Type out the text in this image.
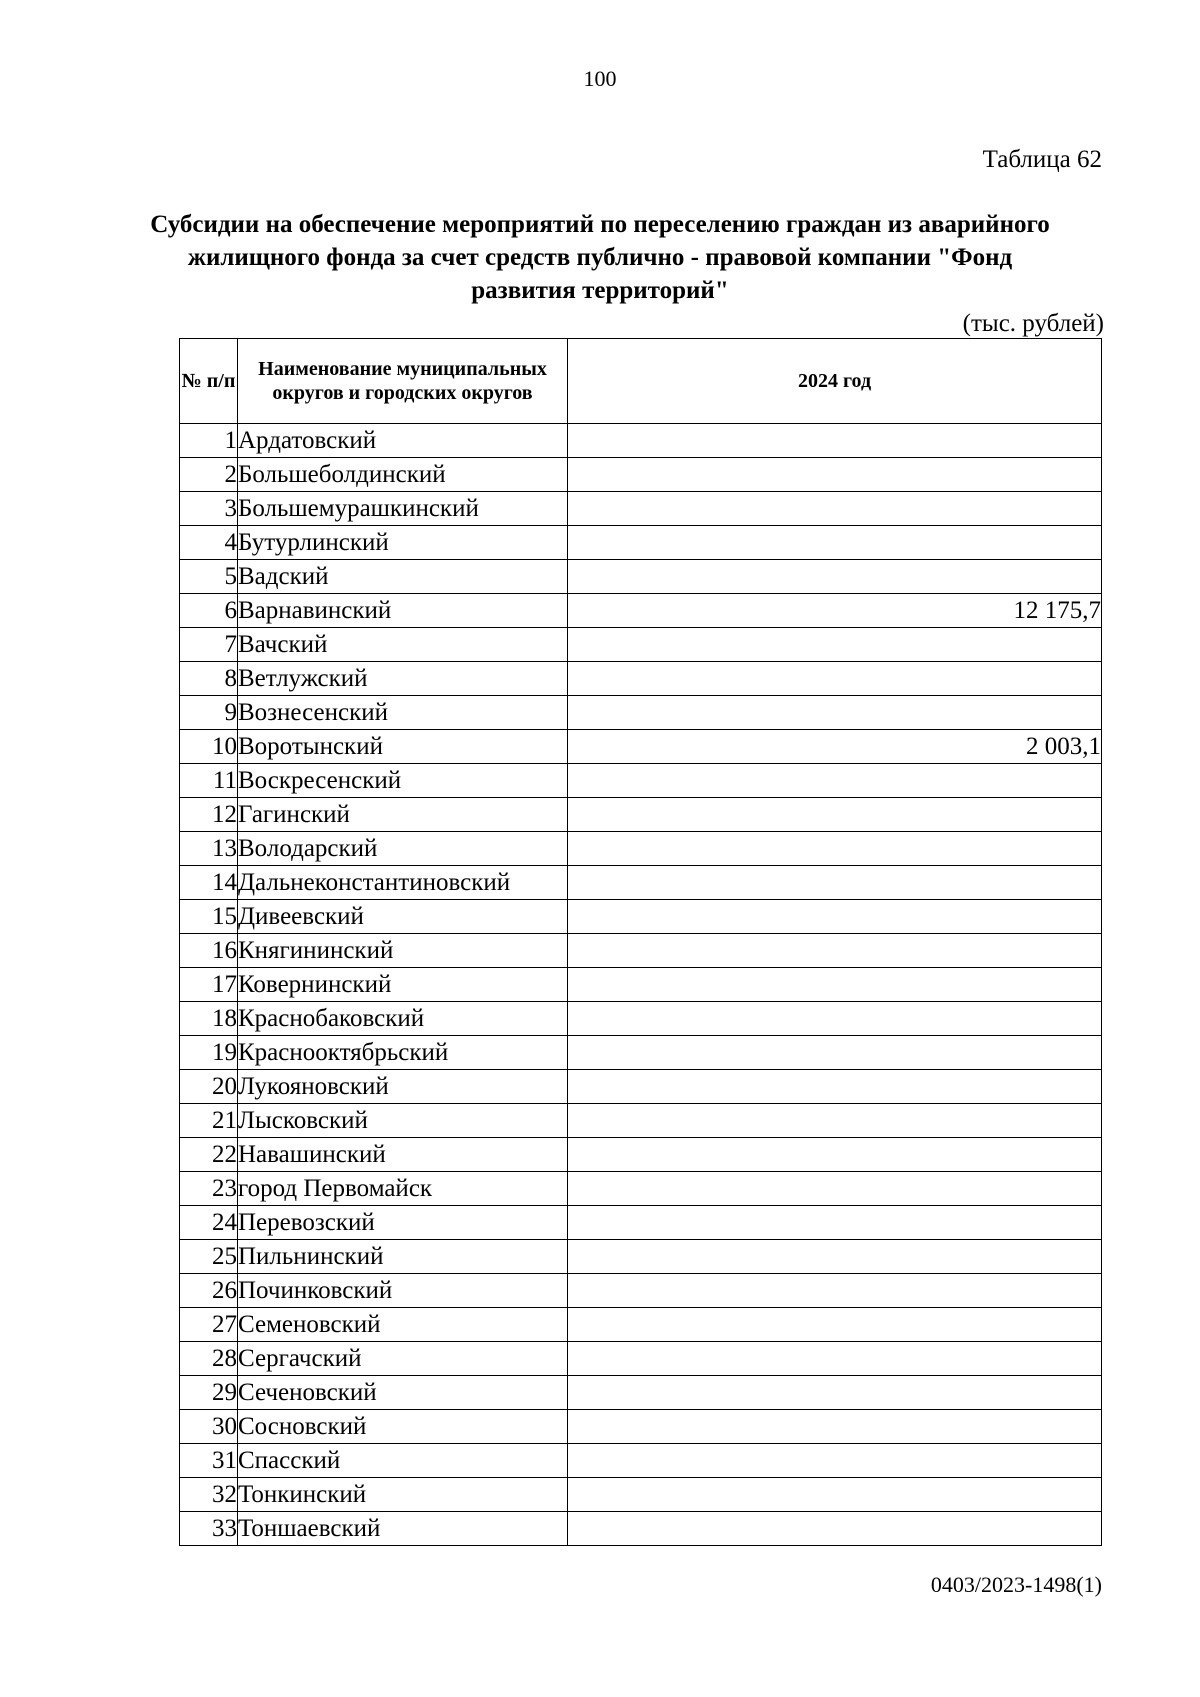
100
Таблица 62
Субсидии на обеспечение мероприятий по переселению граждан из аварийного жилищного фонда за счет средств публично - правовой компании "Фонд развития территорий"
(тыс. рублей)
№ п/п	Наименование муниципальных округов и городских округов	2024 год
1	Ардатовский	
2	Большеболдинский	
3	Большемурашкинский	
4	Бутурлинский	
5	Вадский	
6	Варнавинский	12 175,7
7	Вачский	
8	Ветлужский	
9	Вознесенский	
10	Воротынский	2 003,1
11	Воскресенский	
12	Гагинский	
13	Володарский	
14	Дальнеконстантиновский	
15	Дивеевский	
16	Княгининский	
17	Ковернинский	
18	Краснобаковский	
19	Краснооктябрьский	
20	Лукояновский	
21	Лысковский	
22	Навашинский	
23	город Первомайск	
24	Перевозский	
25	Пильнинский	
26	Починковский	
27	Семеновский	
28	Сергачский	
29	Сеченовский	
30	Сосновский	
31	Спасский	
32	Тонкинский	
33	Тоншаевский	
0403/2023-1498(1)
